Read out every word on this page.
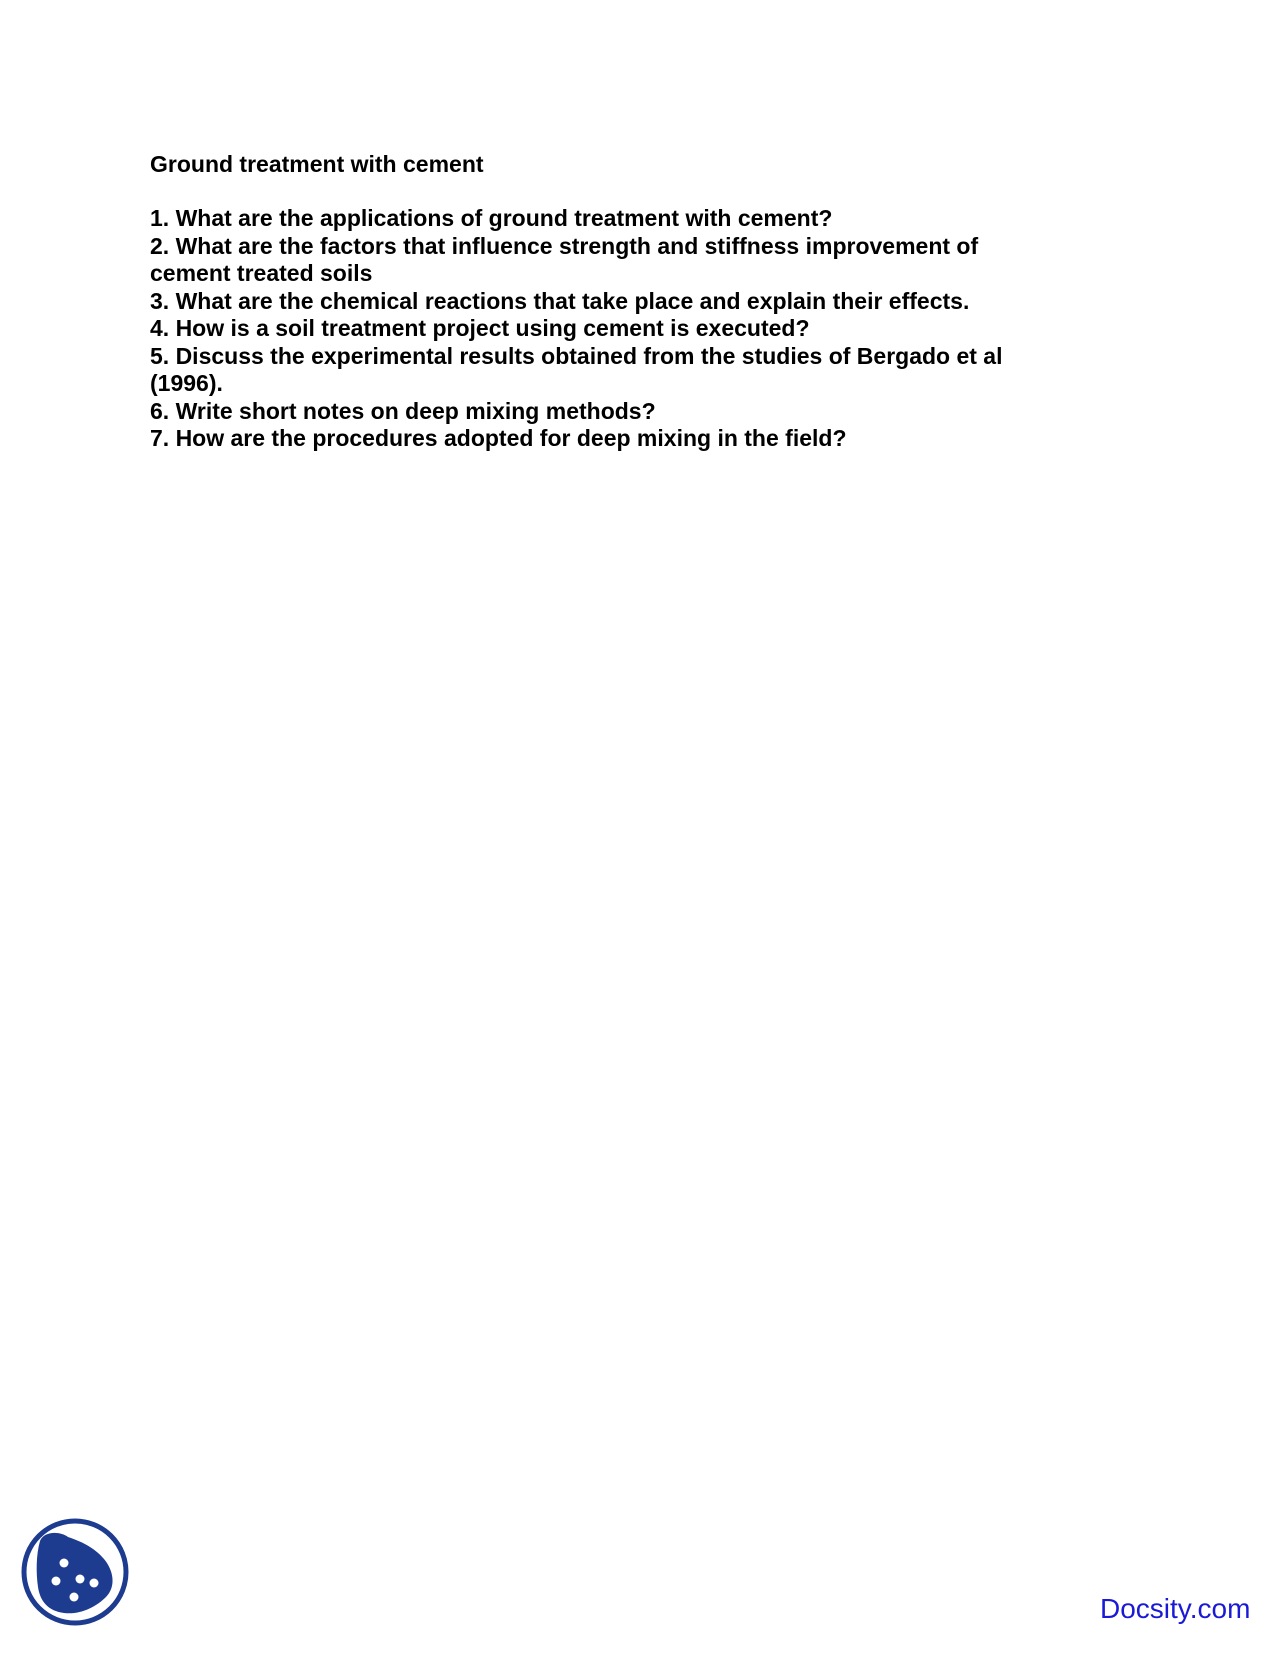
Ground treatment with cement
1. What are the applications of ground treatment with cement?
2. What are the factors that influence strength and stiffness improvement of cement treated soils
3. What are the chemical reactions that take place and explain their effects.
4. How is a soil treatment project using cement is executed?
5. Discuss the experimental results obtained from the studies of Bergado et al (1996).
6. Write short notes on deep mixing methods?
7. How are the procedures adopted for deep mixing in the field?
Docsity.com
